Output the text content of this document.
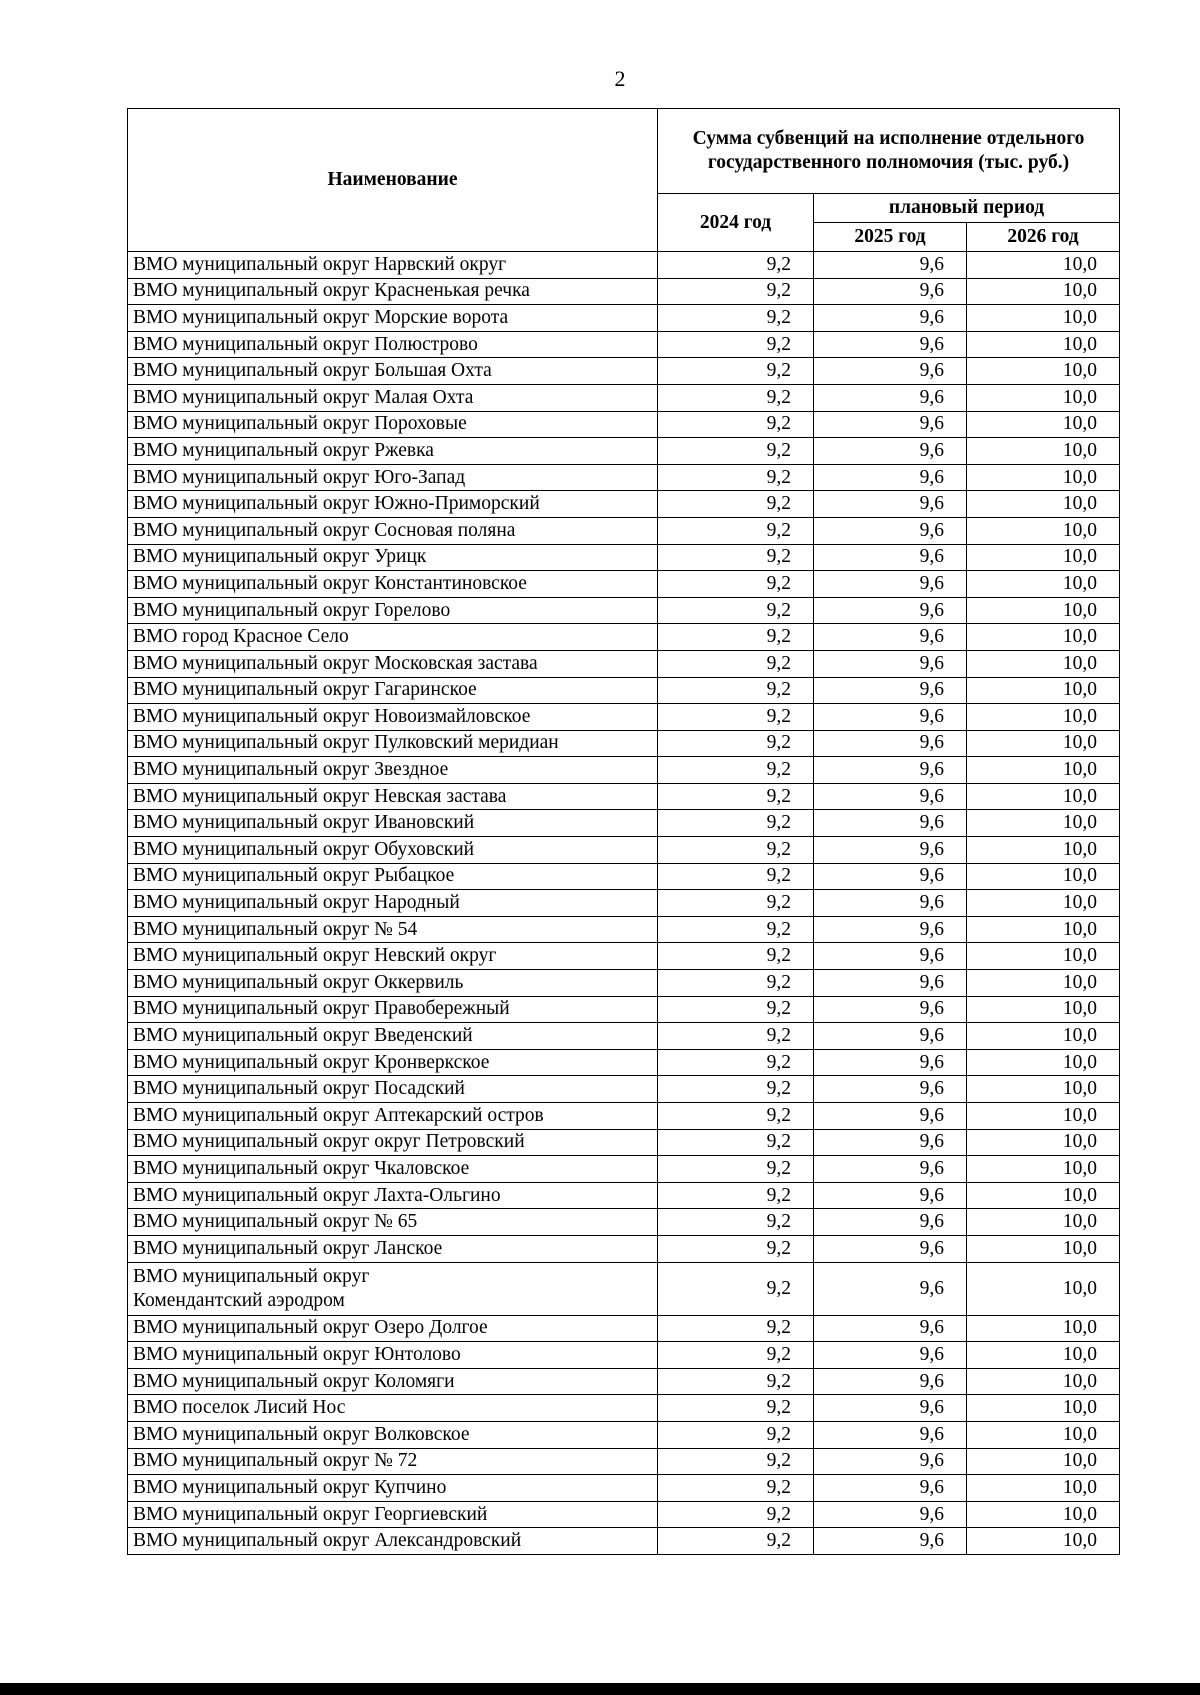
2
Наименование	Сумма субвенций на исполнение отдельного государственного полномочия (тыс. руб.)		
	2024 год	плановый период	
		2025 год	2026 год
ВМО муниципальный округ Нарвский округ	9,2	9,6	10,0
ВМО муниципальный округ Красненькая речка	9,2	9,6	10,0
ВМО муниципальный округ Морские ворота	9,2	9,6	10,0
ВМО муниципальный округ Полюстрово	9,2	9,6	10,0
ВМО муниципальный округ Большая Охта	9,2	9,6	10,0
ВМО муниципальный округ Малая Охта	9,2	9,6	10,0
ВМО муниципальный округ Пороховые	9,2	9,6	10,0
ВМО муниципальный округ Ржевка	9,2	9,6	10,0
ВМО муниципальный округ Юго-Запад	9,2	9,6	10,0
ВМО муниципальный округ Южно-Приморский	9,2	9,6	10,0
ВМО муниципальный округ Сосновая поляна	9,2	9,6	10,0
ВМО муниципальный округ Урицк	9,2	9,6	10,0
ВМО муниципальный округ Константиновское	9,2	9,6	10,0
ВМО муниципальный округ Горелово	9,2	9,6	10,0
ВМО город Красное Село	9,2	9,6	10,0
ВМО муниципальный округ Московская застава	9,2	9,6	10,0
ВМО муниципальный округ Гагаринское	9,2	9,6	10,0
ВМО муниципальный округ Новоизмайловское	9,2	9,6	10,0
ВМО муниципальный округ Пулковский меридиан	9,2	9,6	10,0
ВМО муниципальный округ Звездное	9,2	9,6	10,0
ВМО муниципальный округ Невская застава	9,2	9,6	10,0
ВМО муниципальный округ Ивановский	9,2	9,6	10,0
ВМО муниципальный округ Обуховский	9,2	9,6	10,0
ВМО муниципальный округ Рыбацкое	9,2	9,6	10,0
ВМО муниципальный округ Народный	9,2	9,6	10,0
ВМО муниципальный округ № 54	9,2	9,6	10,0
ВМО муниципальный округ Невский округ	9,2	9,6	10,0
ВМО муниципальный округ Оккервиль	9,2	9,6	10,0
ВМО муниципальный округ Правобережный	9,2	9,6	10,0
ВМО муниципальный округ Введенский	9,2	9,6	10,0
ВМО муниципальный округ Кронверкское	9,2	9,6	10,0
ВМО муниципальный округ Посадский	9,2	9,6	10,0
ВМО муниципальный округ Аптекарский остров	9,2	9,6	10,0
ВМО муниципальный округ округ Петровский	9,2	9,6	10,0
ВМО муниципальный округ Чкаловское	9,2	9,6	10,0
ВМО муниципальный округ Лахта-Ольгино	9,2	9,6	10,0
ВМО муниципальный округ № 65	9,2	9,6	10,0
ВМО муниципальный округ Ланское	9,2	9,6	10,0

ВМО муниципальный округ
Комендантский аэродром	9,2	9,6	10,0
ВМО муниципальный округ Озеро Долгое	9,2	9,6	10,0
ВМО муниципальный округ Юнтолово	9,2	9,6	10,0
ВМО муниципальный округ Коломяги	9,2	9,6	10,0
ВМО поселок Лисий Нос	9,2	9,6	10,0
ВМО муниципальный округ Волковское	9,2	9,6	10,0
ВМО муниципальный округ № 72	9,2	9,6	10,0
ВМО муниципальный округ Купчино	9,2	9,6	10,0
ВМО муниципальный округ Георгиевский	9,2	9,6	10,0
ВМО муниципальный округ Александровский	9,2	9,6	10,0
